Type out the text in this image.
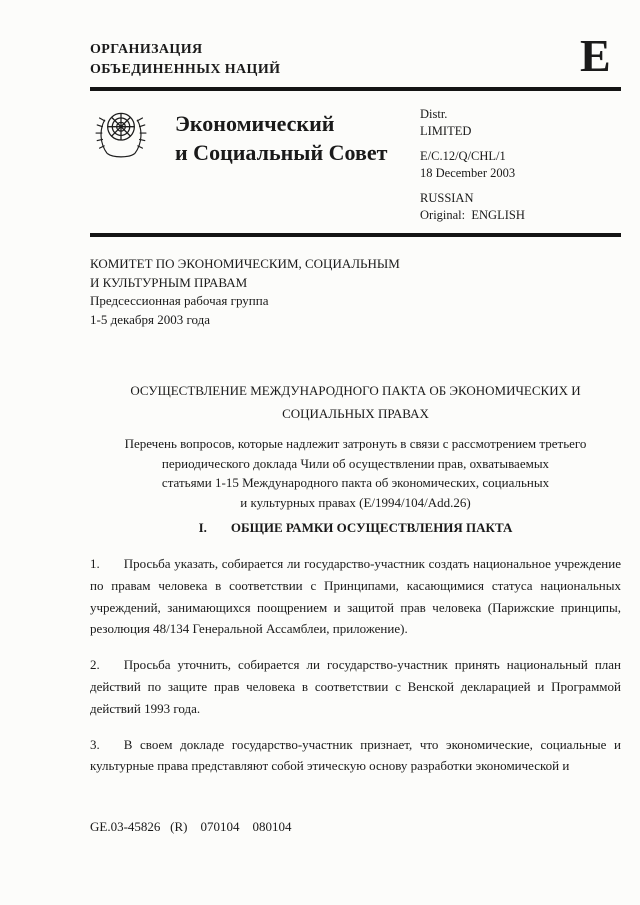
ОРГАНИЗАЦИЯ
ОБЪЕДИНЕННЫХ НАЦИЙ	E
Экономический
и Социальный Совет
Distr.
LIMITED
E/C.12/Q/CHL/1
18 December 2003
RUSSIAN
Original:  ENGLISH
КОМИТЕТ ПО ЭКОНОМИЧЕСКИМ, СОЦИАЛЬНЫМ
И КУЛЬТУРНЫМ ПРАВАМ
Предсессионная рабочая группа
1-5 декабря 2003 года
ОСУЩЕСТВЛЕНИЕ МЕЖДУНАРОДНОГО ПАКТА ОБ ЭКОНОМИЧЕСКИХ И
СОЦИАЛЬНЫХ ПРАВАХ
Перечень вопросов, которые надлежит затронуть в связи с рассмотрением третьего
периодического доклада Чили об осуществлении прав, охватываемых
статьями 1-15 Международного пакта об экономических, социальных
и культурных правах (E/1994/104/Add.26)
I. ОБЩИЕ РАМКИ ОСУЩЕСТВЛЕНИЯ ПАКТА
1. Просьба указать, собирается ли государство-участник создать национальное учреждение по правам человека в соответствии с Принципами, касающимися статуса национальных учреждений, занимающихся поощрением и защитой прав человека (Парижские принципы, резолюция 48/134 Генеральной Ассамблеи, приложение).
2. Просьба уточнить, собирается ли государство-участник принять национальный план действий по защите прав человека в соответствии с Венской декларацией и Программой действий 1993 года.
3. В своем докладе государство-участник признает, что экономические, социальные и культурные права представляют собой этическую основу разработки экономической и
GE.03-45826   (R)    070104    080104
